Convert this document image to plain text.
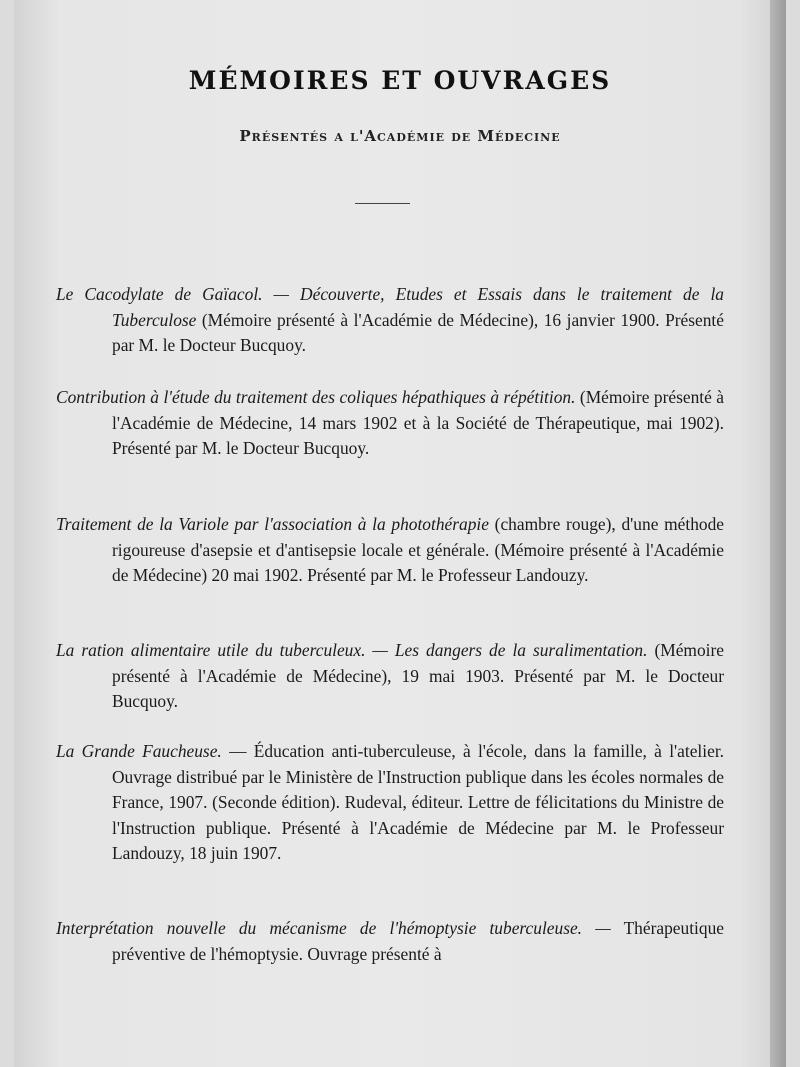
MÉMOIRES ET OUVRAGES
Présentés a l'Académie de Médecine
Le Cacodylate de Gaïacol. — Découverte, Etudes et Essais dans le traitement de la Tuberculose (Mémoire présenté à l'Académie de Médecine), 16 janvier 1900. Présenté par M. le Docteur Bucquoy.
Contribution à l'étude du traitement des coliques hépathiques à répétition. (Mémoire présenté à l'Académie de Médecine, 14 mars 1902 et à la Société de Thérapeutique, mai 1902). Présenté par M. le Docteur Bucquoy.
Traitement de la Variole par l'association à la photothérapie (chambre rouge), d'une méthode rigoureuse d'asepsie et d'antisepsie locale et générale. (Mémoire présenté à l'Académie de Médecine) 20 mai 1902. Présenté par M. le Professeur Landouzy.
La ration alimentaire utile du tuberculeux. — Les dangers de la suralimentation. (Mémoire présenté à l'Académie de Médecine), 19 mai 1903. Présenté par M. le Docteur Bucquoy.
La Grande Faucheuse. — Éducation anti-tuberculeuse, à l'école, dans la famille, à l'atelier. Ouvrage distribué par le Ministère de l'Instruction publique dans les écoles normales de France, 1907. (Seconde édition). Rudeval, éditeur. Lettre de félicitations du Ministre de l'Instruction publique. Présenté à l'Académie de Médecine par M. le Professeur Landouzy, 18 juin 1907.
Interprétation nouvelle du mécanisme de l'hémoptysie tuberculeuse. — Thérapeutique préventive de l'hémoptysie. Ouvrage présenté à
